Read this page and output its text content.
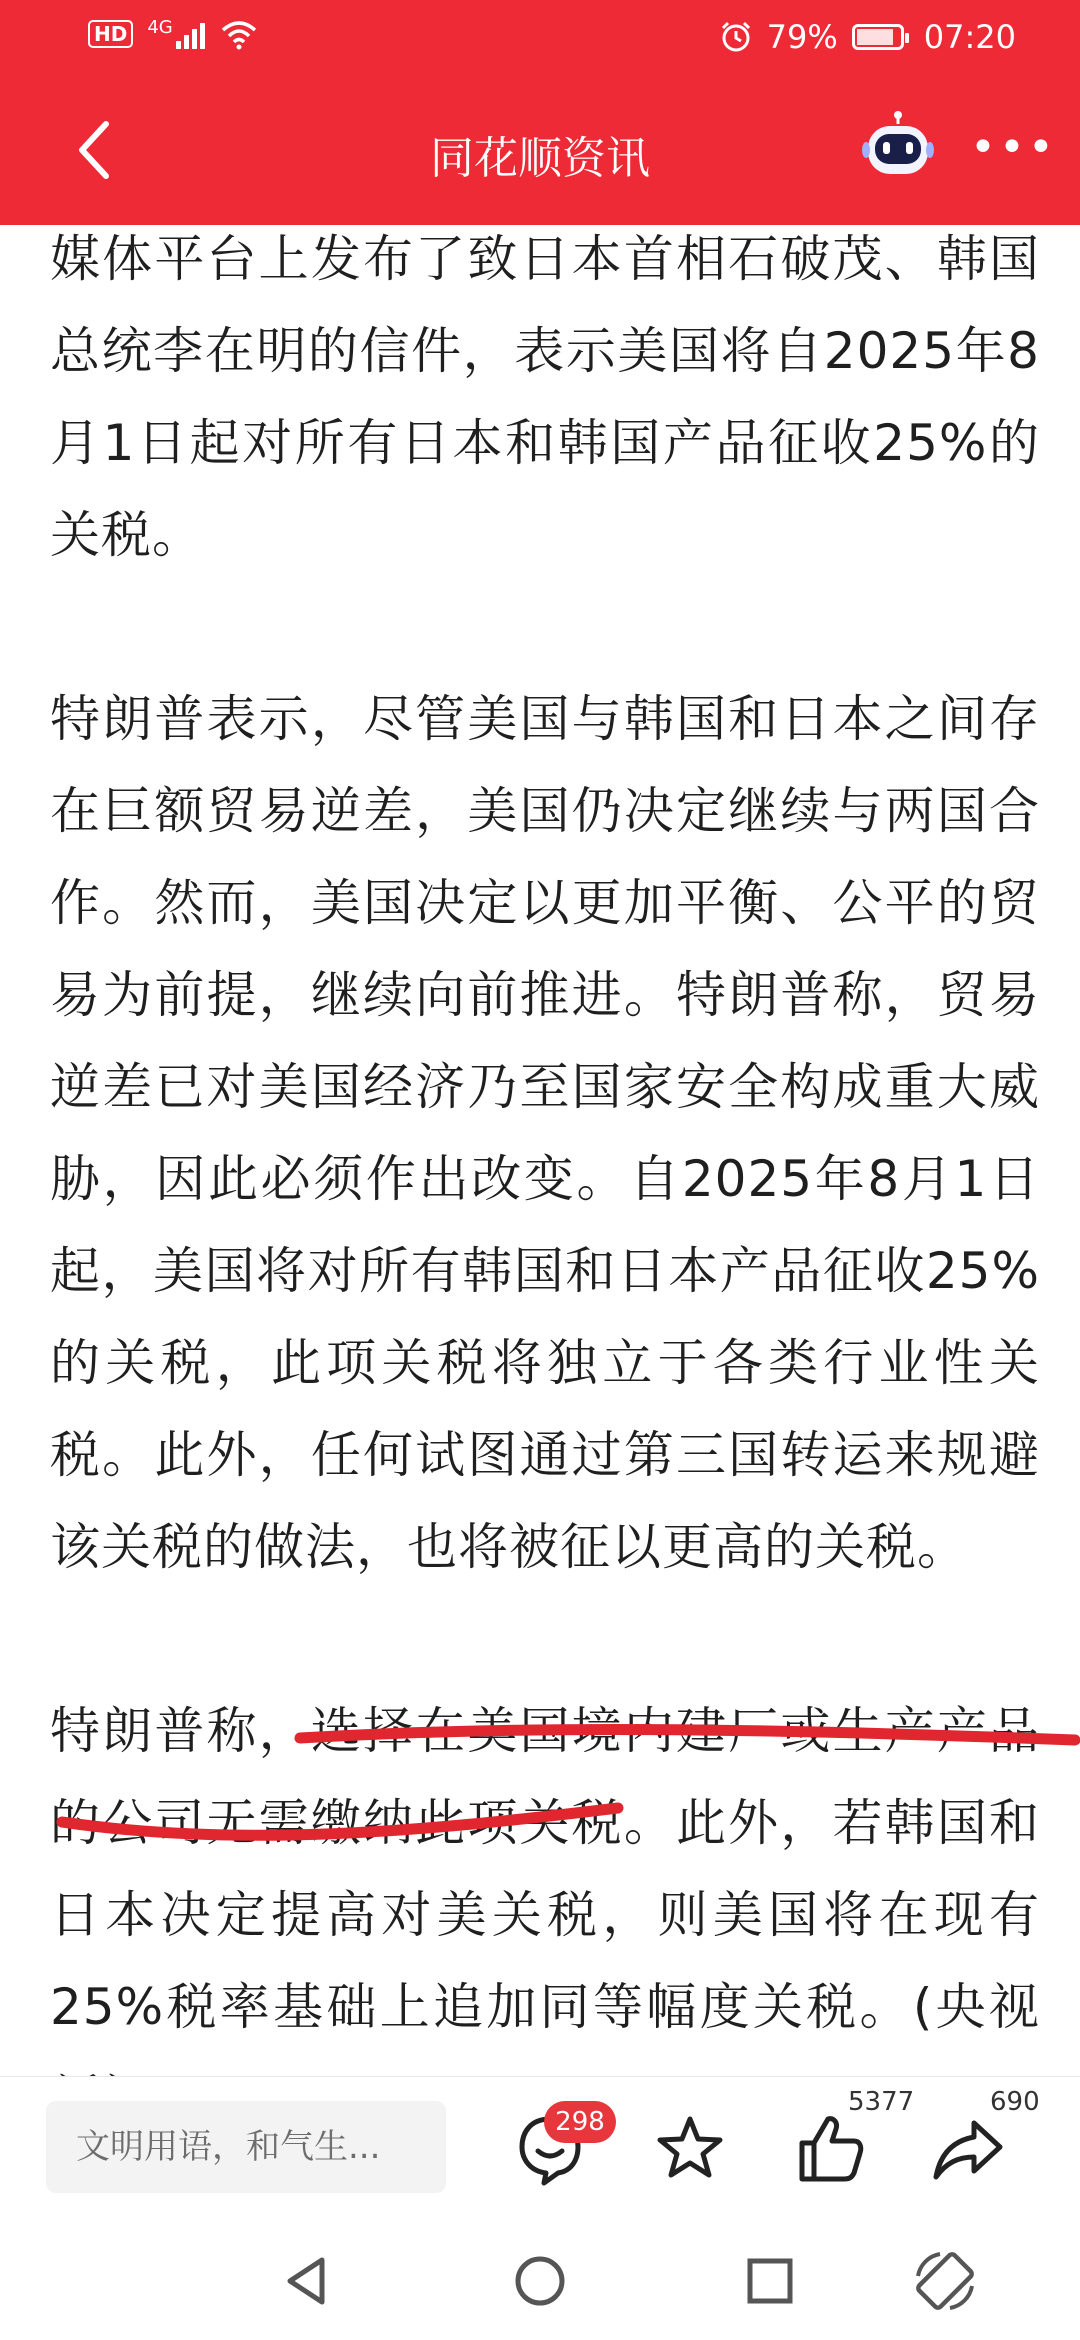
HD	4G	79%	07:20
同花顺资讯	•••

媒体平台上发布了致日本首相石破茂、韩国总统李在明的信件，表示美国将自2025年8月1日起对所有日本和韩国产品征收25%的关税。

特朗普表示，尽管美国与韩国和日本之间存在巨额贸易逆差，美国仍决定继续与两国合作。然而，美国决定以更加平衡、公平的贸易为前提，继续向前推进。特朗普称，贸易逆差已对美国经济乃至国家安全构成重大威胁，因此必须作出改变。自2025年8月1日起，美国将对所有韩国和日本产品征收25%的关税，此项关税将独立于各类行业性关税。此外，任何试图通过第三国转运来规避该关税的做法，也将被征以更高的关税。

特朗普称，选择在美国境内建厂或生产产品的公司无需缴纳此项关税。此外，若韩国和日本决定提高对美关税，则美国将在现有25%税率基础上追加同等幅度关税。(央视

文明用语，和气生...
298
5377	690
